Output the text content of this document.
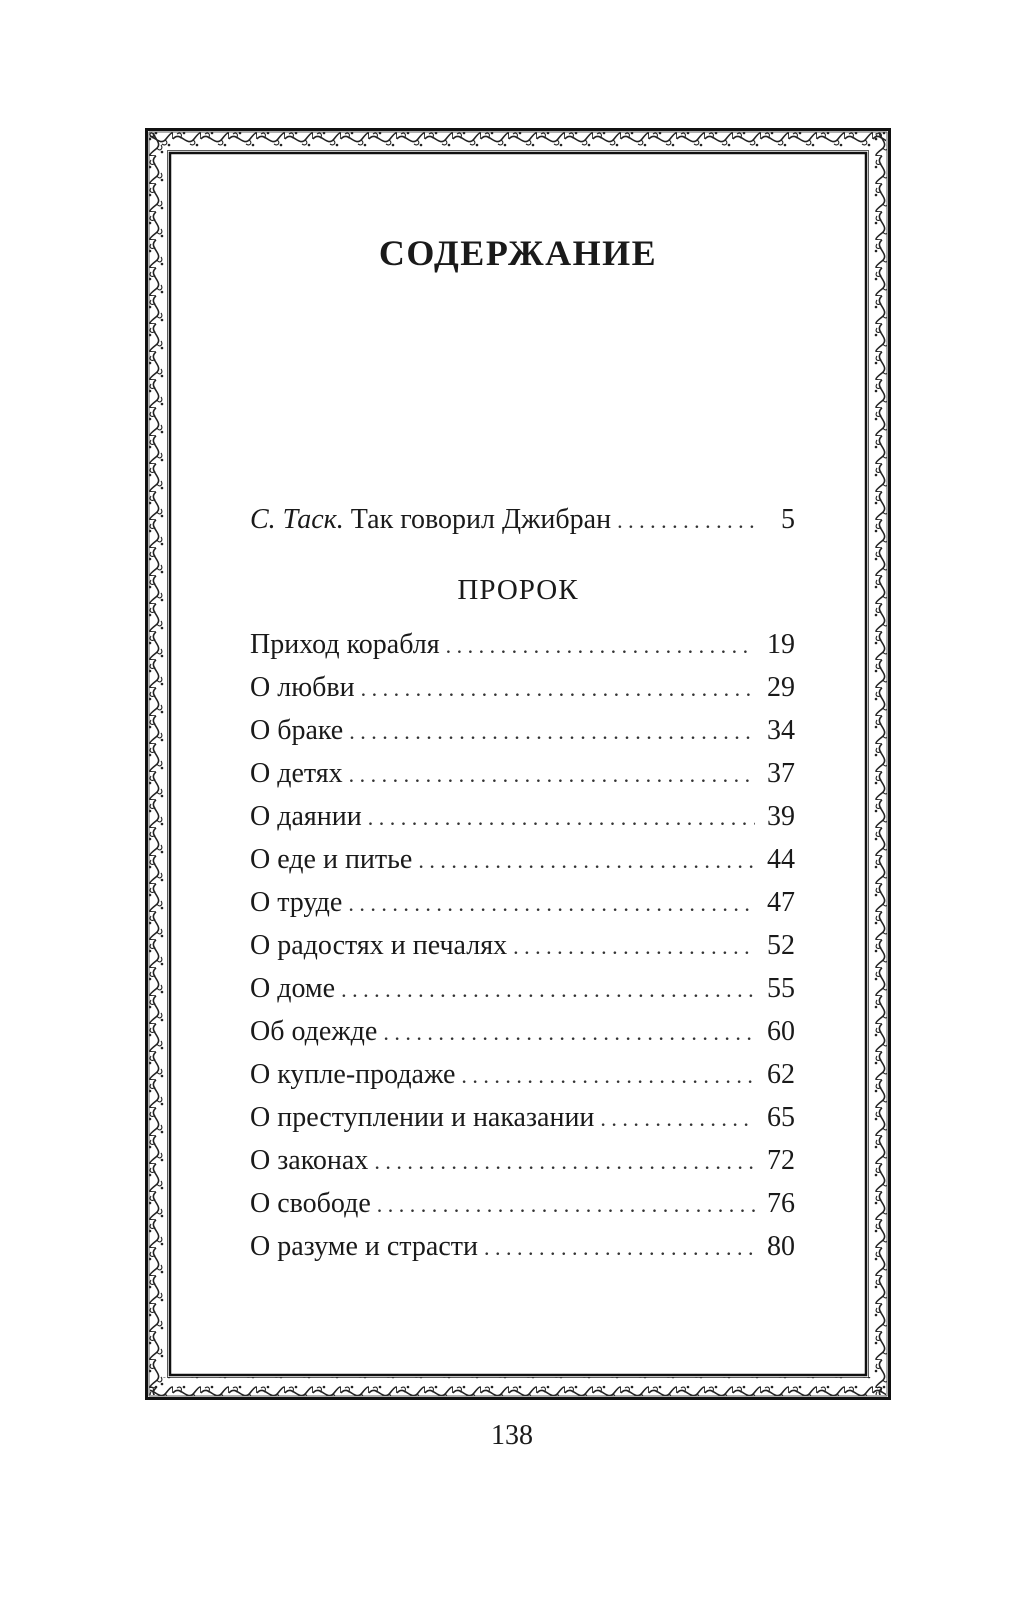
СОДЕРЖАНИЕ
С. Таск. Так говорил Джибран . . .	5
ПРОРОК
Приход корабля . . .	19
О любви . . .	29
О браке . . .	34
О детях . . .	37
О даянии . . .	39
О еде и питье . . .	44
О труде . . .	47
О радостях и печалях . . .	52
О доме . . .	55
Об одежде . . .	60
О купле-продаже . . .	62
О преступлении и наказании . . .	65
О законах . . .	72
О свободе . . .	76
О разуме и страсти . . .	80
138
